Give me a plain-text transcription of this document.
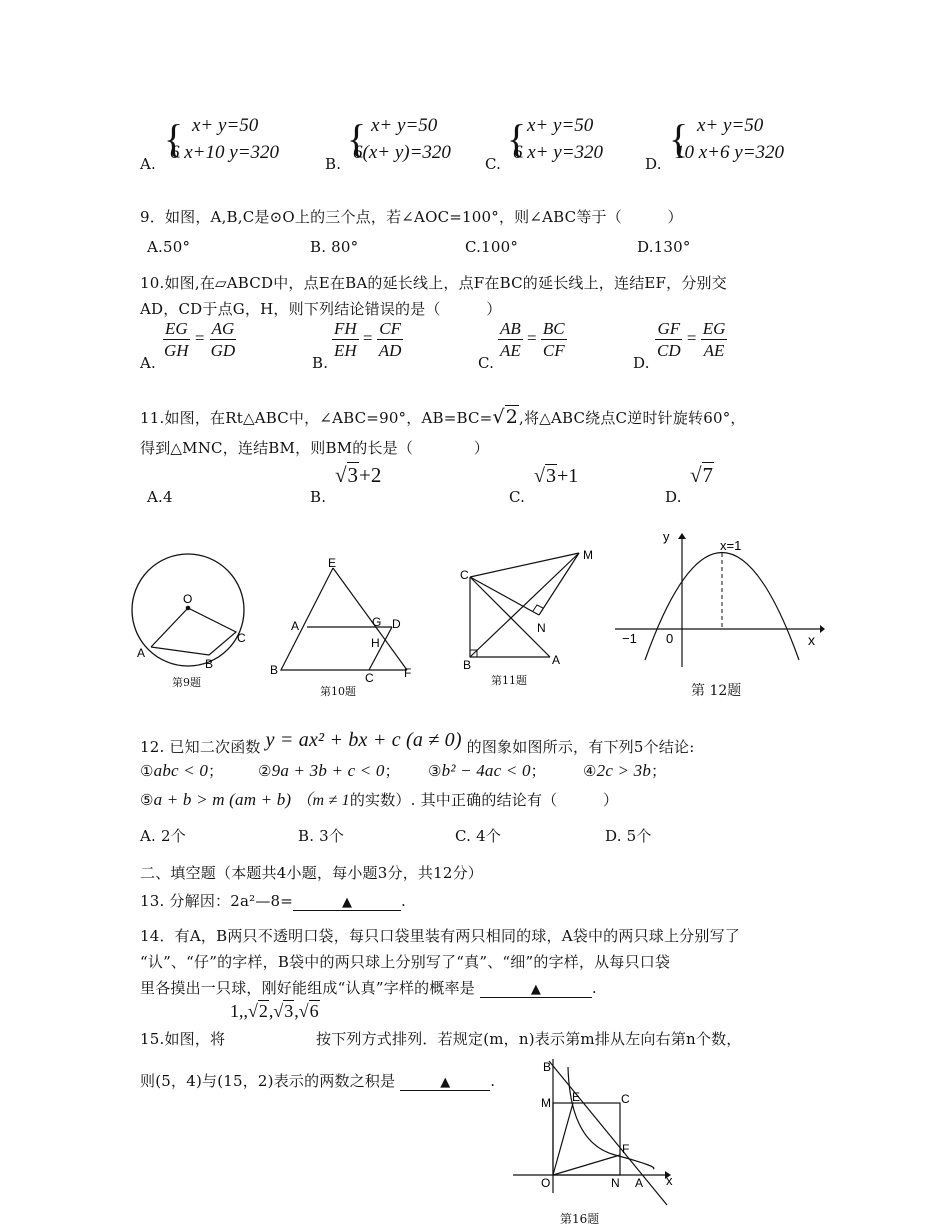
A.
{ x+ y=50
6 x+10 y=320
B.
{ x+ y=50
6(x+ y)=320
C.
{ x+ y=50
6 x+ y=320
D.
{ x+ y=50
10 x+6 y=320
9．如图，A,B,C是⊙O上的三个点，若∠AOC=100°，则∠ABC等于（　　　）
A.50°	B. 80°	C.100°	D.130°
10.如图,在▱ABCD中，点E在BA的延长线上，点F在BC的延长线上，连结EF，分别交
AD，CD于点G，H，则下列结论错误的是（　　　）
A.
$\frac{EG}{GH} = \frac{AG}{GD}$
B.
$\frac{FH}{EH} = \frac{CF}{AD}$
C.
$\frac{AB}{AE} = \frac{BC}{CF}$
D.
$\frac{GF}{CD} = \frac{EG}{AE}$
11.如图，在Rt△ABC中，∠ABC=90°，AB=BC= √ 2 ,将△ABC绕点C逆时针旋转60°，
得到△MNC，连结BM，则BM的长是（　　　　）
A.4	B.
√ 3 +2
C.
√ 3 +1
D.
√ 7
O
A
B
C
第9题
E
A	G D
H
B
C	F
第10题
C
M
N
B	A
第11题
y
x
x=1
−1 0
第 12题
12. 已知二次函数 y = ax² + bx + c (a ≠ 0) 的图象如图所示，有下列5个结论:
①abc < 0； ②9a + 3b + c < 0； ③b² − 4ac < 0； ④2c > 3b；
⑤a + b > m (am + b) （m ≠ 1的实数）. 其中正确的结论有（　　　）
A. 2个	B. 3个	C. 4个	D. 5个
二、填空题（本题共4小题，每小题3分，共12分）
13. 分解因：2a²—8=	▲	.
14．有A，B两只不透明口袋，每只口袋里装有两只相同的球，A袋中的两只球上分别写了
“认”、“仔”的字样，B袋中的两只球上分别写了“真”、“细”的字样，从每只口袋
里各摸出一只球，刚好能组成“认真”字样的概率是	▲	.
1,, √ 2 , √ 3 , √ 6
15.如图，将	按下列方式排列．若规定(m，n)表示第m排从左向右第n个数，
则(5，4)与(15，2)表示的两数之积是	▲	.
B
M E	C
F
O	N A x
第16题
